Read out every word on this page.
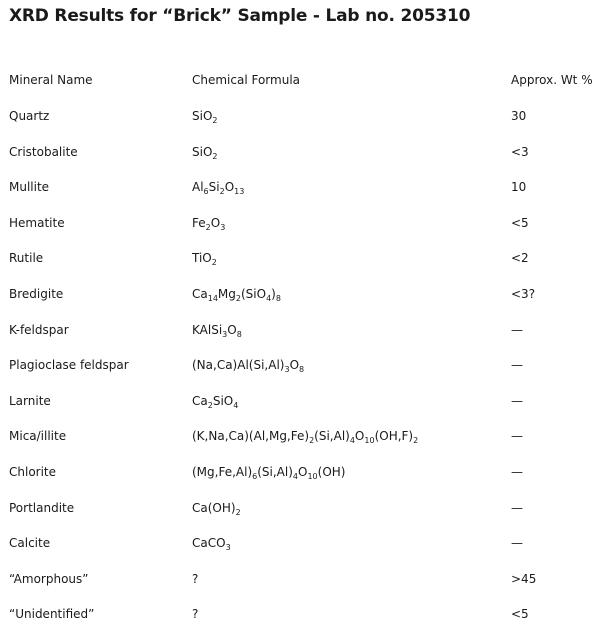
XRD Results for “Brick” Sample - Lab no. 205310
Mineral Name	Chemical Formula	Approx. Wt %
Quartz	SiO$_2$	30
Cristobalite	SiO$_2$	<3
Mullite	$Al_6Si_2O_{13}$	10
Hematite	$Fe_2O_3$	<5
Rutile	TiO$_2$	<2
Bredigite	$Ca_{14}Mg_2(SiO_4)_8$	<3?
K-feldspar	$KAlSi_3O_8$	—
Plagioclase feldspar	$(Na,Ca)Al(Si,Al)_3O_8$	—
Larnite	$Ca_2SiO_4$	—
Mica/illite	$(K,Na,Ca)(Al,Mg,Fe)_2(Si,Al)_4O_{10}(OH,F)_2$	—
Chlorite	$(Mg,Fe,Al)_6(Si,Al)_4O_{10}(OH)$	—
Portlandite	$Ca(OH)_2$	—
Calcite	CaCO$_3$	—
“Amorphous”	?	>45
“Unidentified”	?	<5
